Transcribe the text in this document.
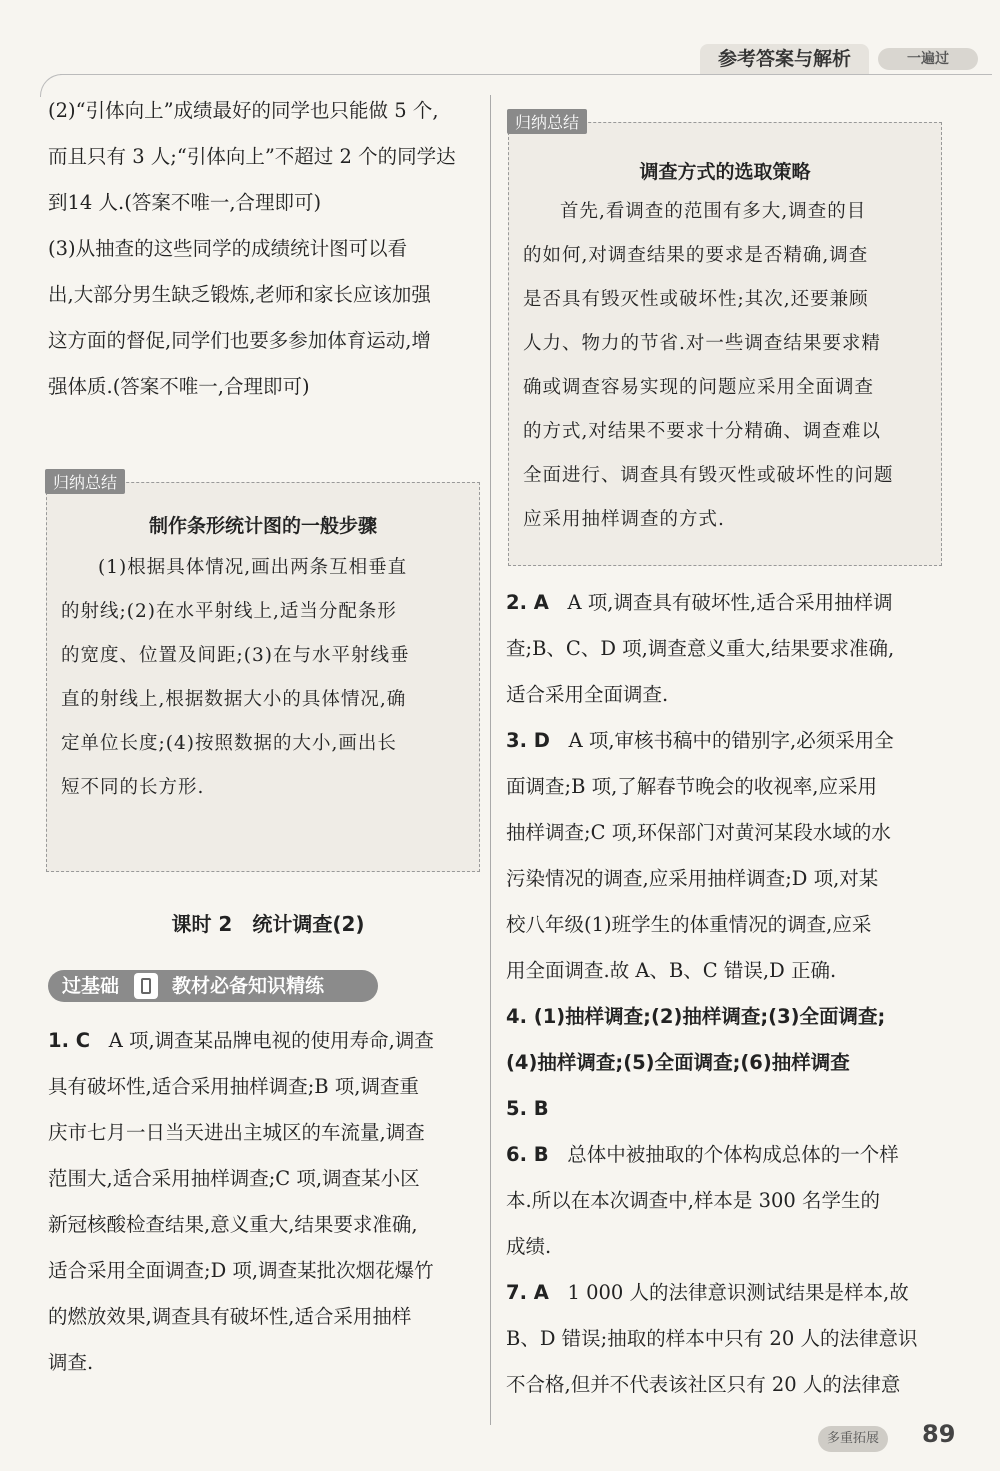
参考答案与解析	一遍过

(2)“引体向上”成绩最好的同学也只能做 5 个,

而且只有 3 人;“引体向上”不超过 2 个的同学达

到14 人.(答案不唯一,合理即可)

(3)从抽查的这些同学的成绩统计图可以看

出,大部分男生缺乏锻炼,老师和家长应该加强

这方面的督促,同学们也要多参加体育运动,增

强体质.(答案不唯一,合理即可)

归纳总结

制作条形统计图的一般步骤

(1)根据具体情况,画出两条互相垂直

的射线;(2)在水平射线上,适当分配条形

的宽度、位置及间距;(3)在与水平射线垂

直的射线上,根据数据大小的具体情况,确

定单位长度;(4)按照数据的大小,画出长

短不同的长方形.

课时 2　统计调查(2)
过基础	教材必备知识精练

1. C A 项,调查某品牌电视的使用寿命,调查

具有破坏性,适合采用抽样调查;B 项,调查重

庆市七月一日当天进出主城区的车流量,调查

范围大,适合采用抽样调查;C 项,调查某小区

新冠核酸检查结果,意义重大,结果要求准确,

适合采用全面调查;D 项,调查某批次烟花爆竹

的燃放效果,调查具有破坏性,适合采用抽样

调查.

归纳总结

调查方式的选取策略

首先,看调查的范围有多大,调查的目

的如何,对调查结果的要求是否精确,调查

是否具有毁灭性或破坏性;其次,还要兼顾

人力、物力的节省.对一些调查结果要求精

确或调查容易实现的问题应采用全面调查

的方式,对结果不要求十分精确、调查难以

全面进行、调查具有毁灭性或破坏性的问题

应采用抽样调查的方式.

2. A A 项,调查具有破坏性,适合采用抽样调

查;B、C、D 项,调查意义重大,结果要求准确,

适合采用全面调查.

3. D A 项,审核书稿中的错别字,必须采用全

面调查;B 项,了解春节晚会的收视率,应采用

抽样调查;C 项,环保部门对黄河某段水域的水

污染情况的调查,应采用抽样调查;D 项,对某

校八年级(1)班学生的体重情况的调查,应采

用全面调查.故 A、B、C 错误,D 正确.

4. (1)抽样调查;(2)抽样调查;(3)全面调查;

(4)抽样调查;(5)全面调查;(6)抽样调查

5. B

6. B 总体中被抽取的个体构成总体的一个样

本.所以在本次调查中,样本是 300 名学生的

成绩.

7. A 1 000 人的法律意识测试结果是样本,故

B、D 错误;抽取的样本中只有 20 人的法律意识

不合格,但并不代表该社区只有 20 人的法律意

多重拓展	89
